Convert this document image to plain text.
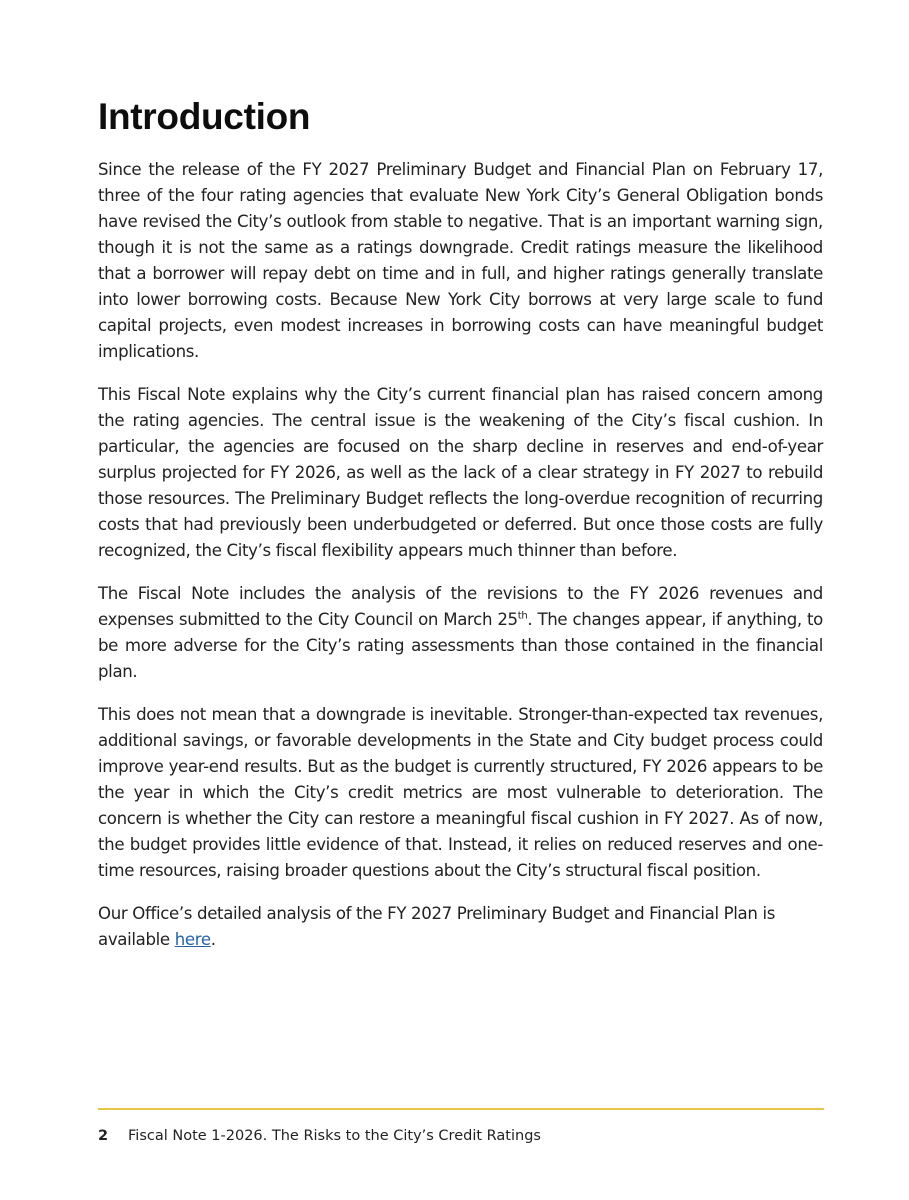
Introduction

Since the release of the FY 2027 Preliminary Budget and Financial Plan on February 17, three of the four rating agencies that evaluate New York City’s General Obligation bonds have revised the City’s outlook from stable to negative. That is an important warning sign, though it is not the same as a ratings downgrade. Credit ratings measure the likelihood that a borrower will repay debt on time and in full, and higher ratings generally translate into lower borrowing costs. Because New York City borrows at very large scale to fund capital projects, even modest increases in borrowing costs can have meaningful budget implications.

This Fiscal Note explains why the City’s current financial plan has raised concern among the rating agencies. The central issue is the weakening of the City’s fiscal cushion. In particular, the agencies are focused on the sharp decline in reserves and end-of-year surplus projected for FY 2026, as well as the lack of a clear strategy in FY 2027 to rebuild those resources. The Preliminary Budget reflects the long-overdue recognition of recurring costs that had previously been underbudgeted or deferred. But once those costs are fully recognized, the City’s fiscal flexibility appears much thinner than before.

The Fiscal Note includes the analysis of the revisions to the FY 2026 revenues and expenses submitted to the City Council on March 25th. The changes appear, if anything, to be more adverse for the City’s rating assessments than those contained in the financial plan.

This does not mean that a downgrade is inevitable. Stronger-than-expected tax revenues, additional savings, or favorable developments in the State and City budget process could improve year-end results. But as the budget is currently structured, FY 2026 appears to be the year in which the City’s credit metrics are most vulnerable to deterioration. The concern is whether the City can restore a meaningful fiscal cushion in FY 2027. As of now, the budget provides little evidence of that. Instead, it relies on reduced reserves and one-time resources, raising broader questions about the City’s structural fiscal position.

Our Office’s detailed analysis of the FY 2027 Preliminary Budget and Financial Plan is available here.

2 Fiscal Note 1-2026. The Risks to the City’s Credit Ratings
